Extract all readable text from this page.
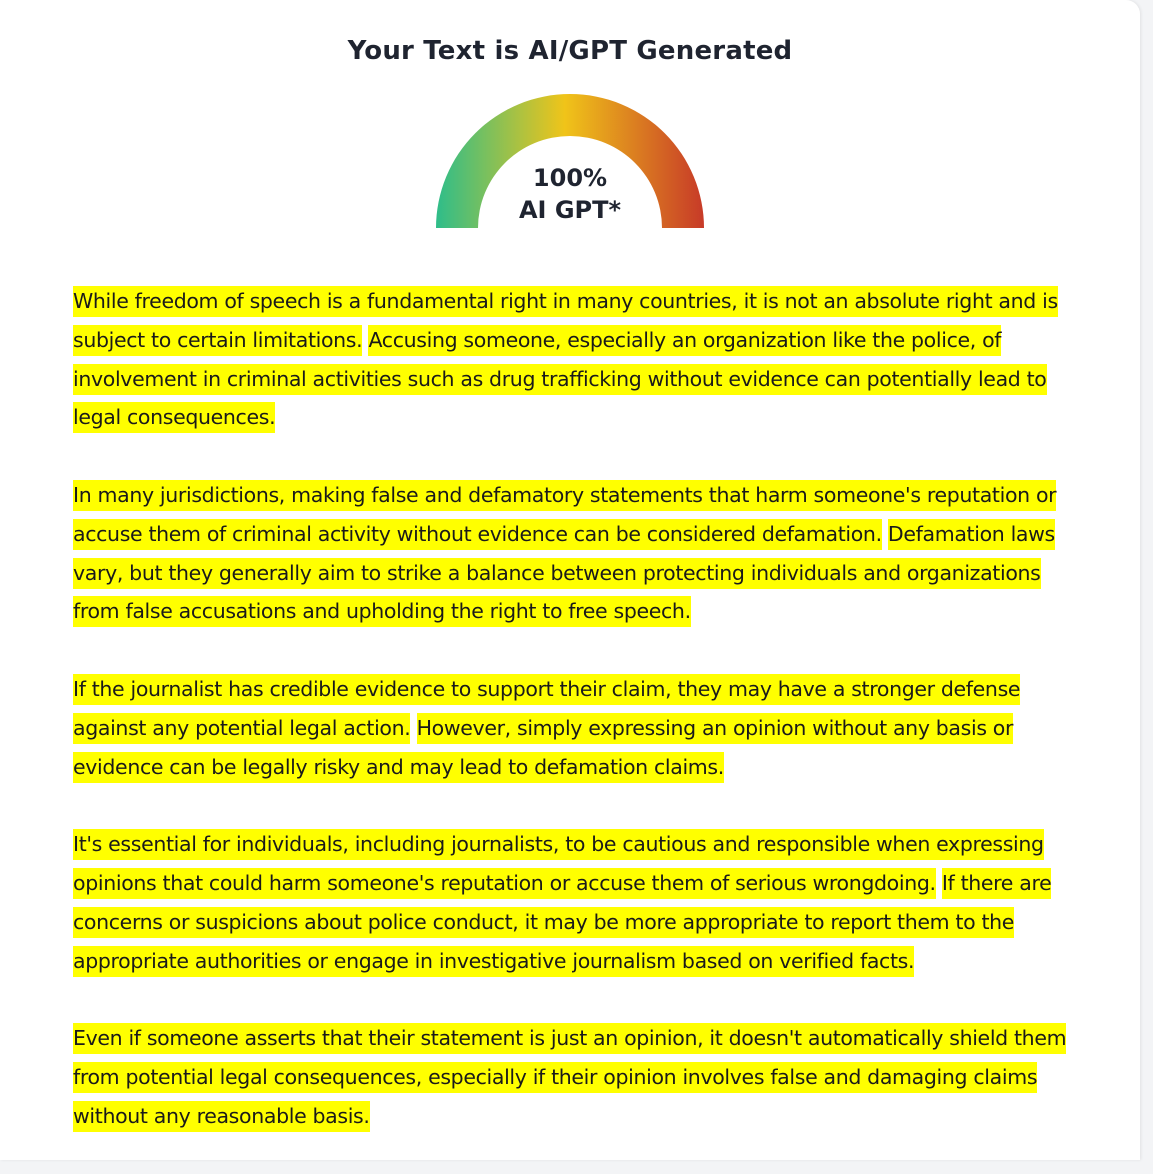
Your Text is AI/GPT Generated
100%
AI GPT*

While freedom of speech is a fundamental right in many countries, it is not an absolute right and is subject to certain limitations. Accusing someone, especially an organization like the police, of involvement in criminal activities such as drug trafficking without evidence can potentially lead to legal consequences.

In many jurisdictions, making false and defamatory statements that harm someone's reputation or accuse them of criminal activity without evidence can be considered defamation. Defamation laws vary, but they generally aim to strike a balance between protecting individuals and organizations from false accusations and upholding the right to free speech.

If the journalist has credible evidence to support their claim, they may have a stronger defense against any potential legal action. However, simply expressing an opinion without any basis or evidence can be legally risky and may lead to defamation claims.

It's essential for individuals, including journalists, to be cautious and responsible when expressing opinions that could harm someone's reputation or accuse them of serious wrongdoing. If there are concerns or suspicions about police conduct, it may be more appropriate to report them to the appropriate authorities or engage in investigative journalism based on verified facts.

Even if someone asserts that their statement is just an opinion, it doesn't automatically shield them from potential legal consequences, especially if their opinion involves false and damaging claims without any reasonable basis.
